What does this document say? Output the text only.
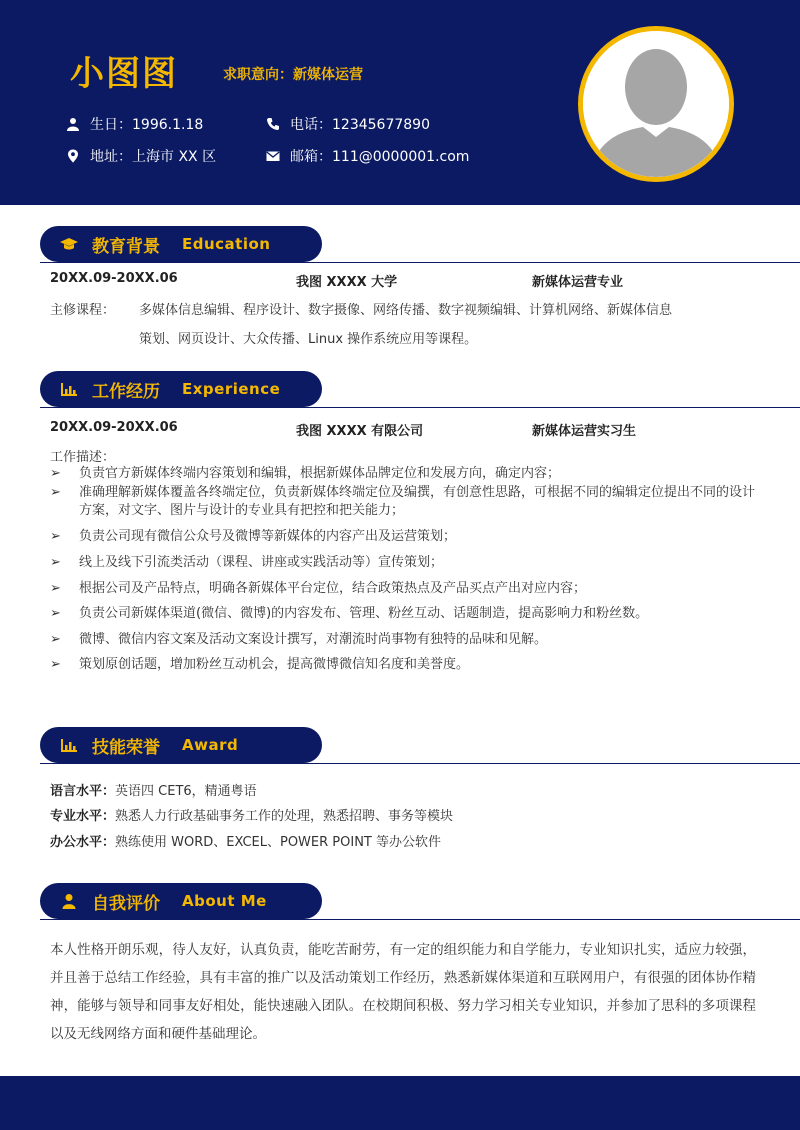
小图图	求职意向：新媒体运营
生日：1996.1.18	电话：12345677890
地址：上海市 XX 区	邮箱：111@0000001.com
教育背景 Education
20XX.09-20XX.06	我图 XXXX 大学	新媒体运营专业
主修课程： 多媒体信息编辑、程序设计、数字摄像、网络传播、数字视频编辑、计算机网络、新媒体信息
策划、网页设计、大众传播、Linux 操作系统应用等课程。
工作经历 Experience
20XX.09-20XX.06	我图 XXXX 有限公司	新媒体运营实习生
工作描述：
➢	负责官方新媒体终端内容策划和编辑，根据新媒体品牌定位和发展方向，确定内容；
➢	准确理解新媒体覆盖各终端定位，负责新媒体终端定位及编撰，有创意性思路，可根据不同的编辑定位提出不同的设计方案，对文字、图片与设计的专业具有把控和把关能力；
➢	负责公司现有微信公众号及微博等新媒体的内容产出及运营策划；
➢	线上及线下引流类活动（课程、讲座或实践活动等）宣传策划；
➢	根据公司及产品特点，明确各新媒体平台定位，结合政策热点及产品买点产出对应内容；
➢	负责公司新媒体渠道(微信、微博)的内容发布、管理、粉丝互动、话题制造，提高影响力和粉丝数。
➢	微博、微信内容文案及活动文案设计撰写，对潮流时尚事物有独特的品味和见解。
➢	策划原创话题，增加粉丝互动机会，提高微博微信知名度和美誉度。
技能荣誉 Award
语言水平：英语四 CET6，精通粤语
专业水平：熟悉人力行政基础事务工作的处理，熟悉招聘、事务等模块
办公水平：熟练使用 WORD、EXCEL、POWER POINT 等办公软件
自我评价 About Me
本人性格开朗乐观，待人友好，认真负责，能吃苦耐劳，有一定的组织能力和自学能力，专业知识扎实，适应力较强，并且善于总结工作经验，具有丰富的推广以及活动策划工作经历，熟悉新媒体渠道和互联网用户，有很强的团体协作精神，能够与领导和同事友好相处，能快速融入团队。在校期间积极、努力学习相关专业知识，并参加了思科的多项课程以及无线网络方面和硬件基础理论。
